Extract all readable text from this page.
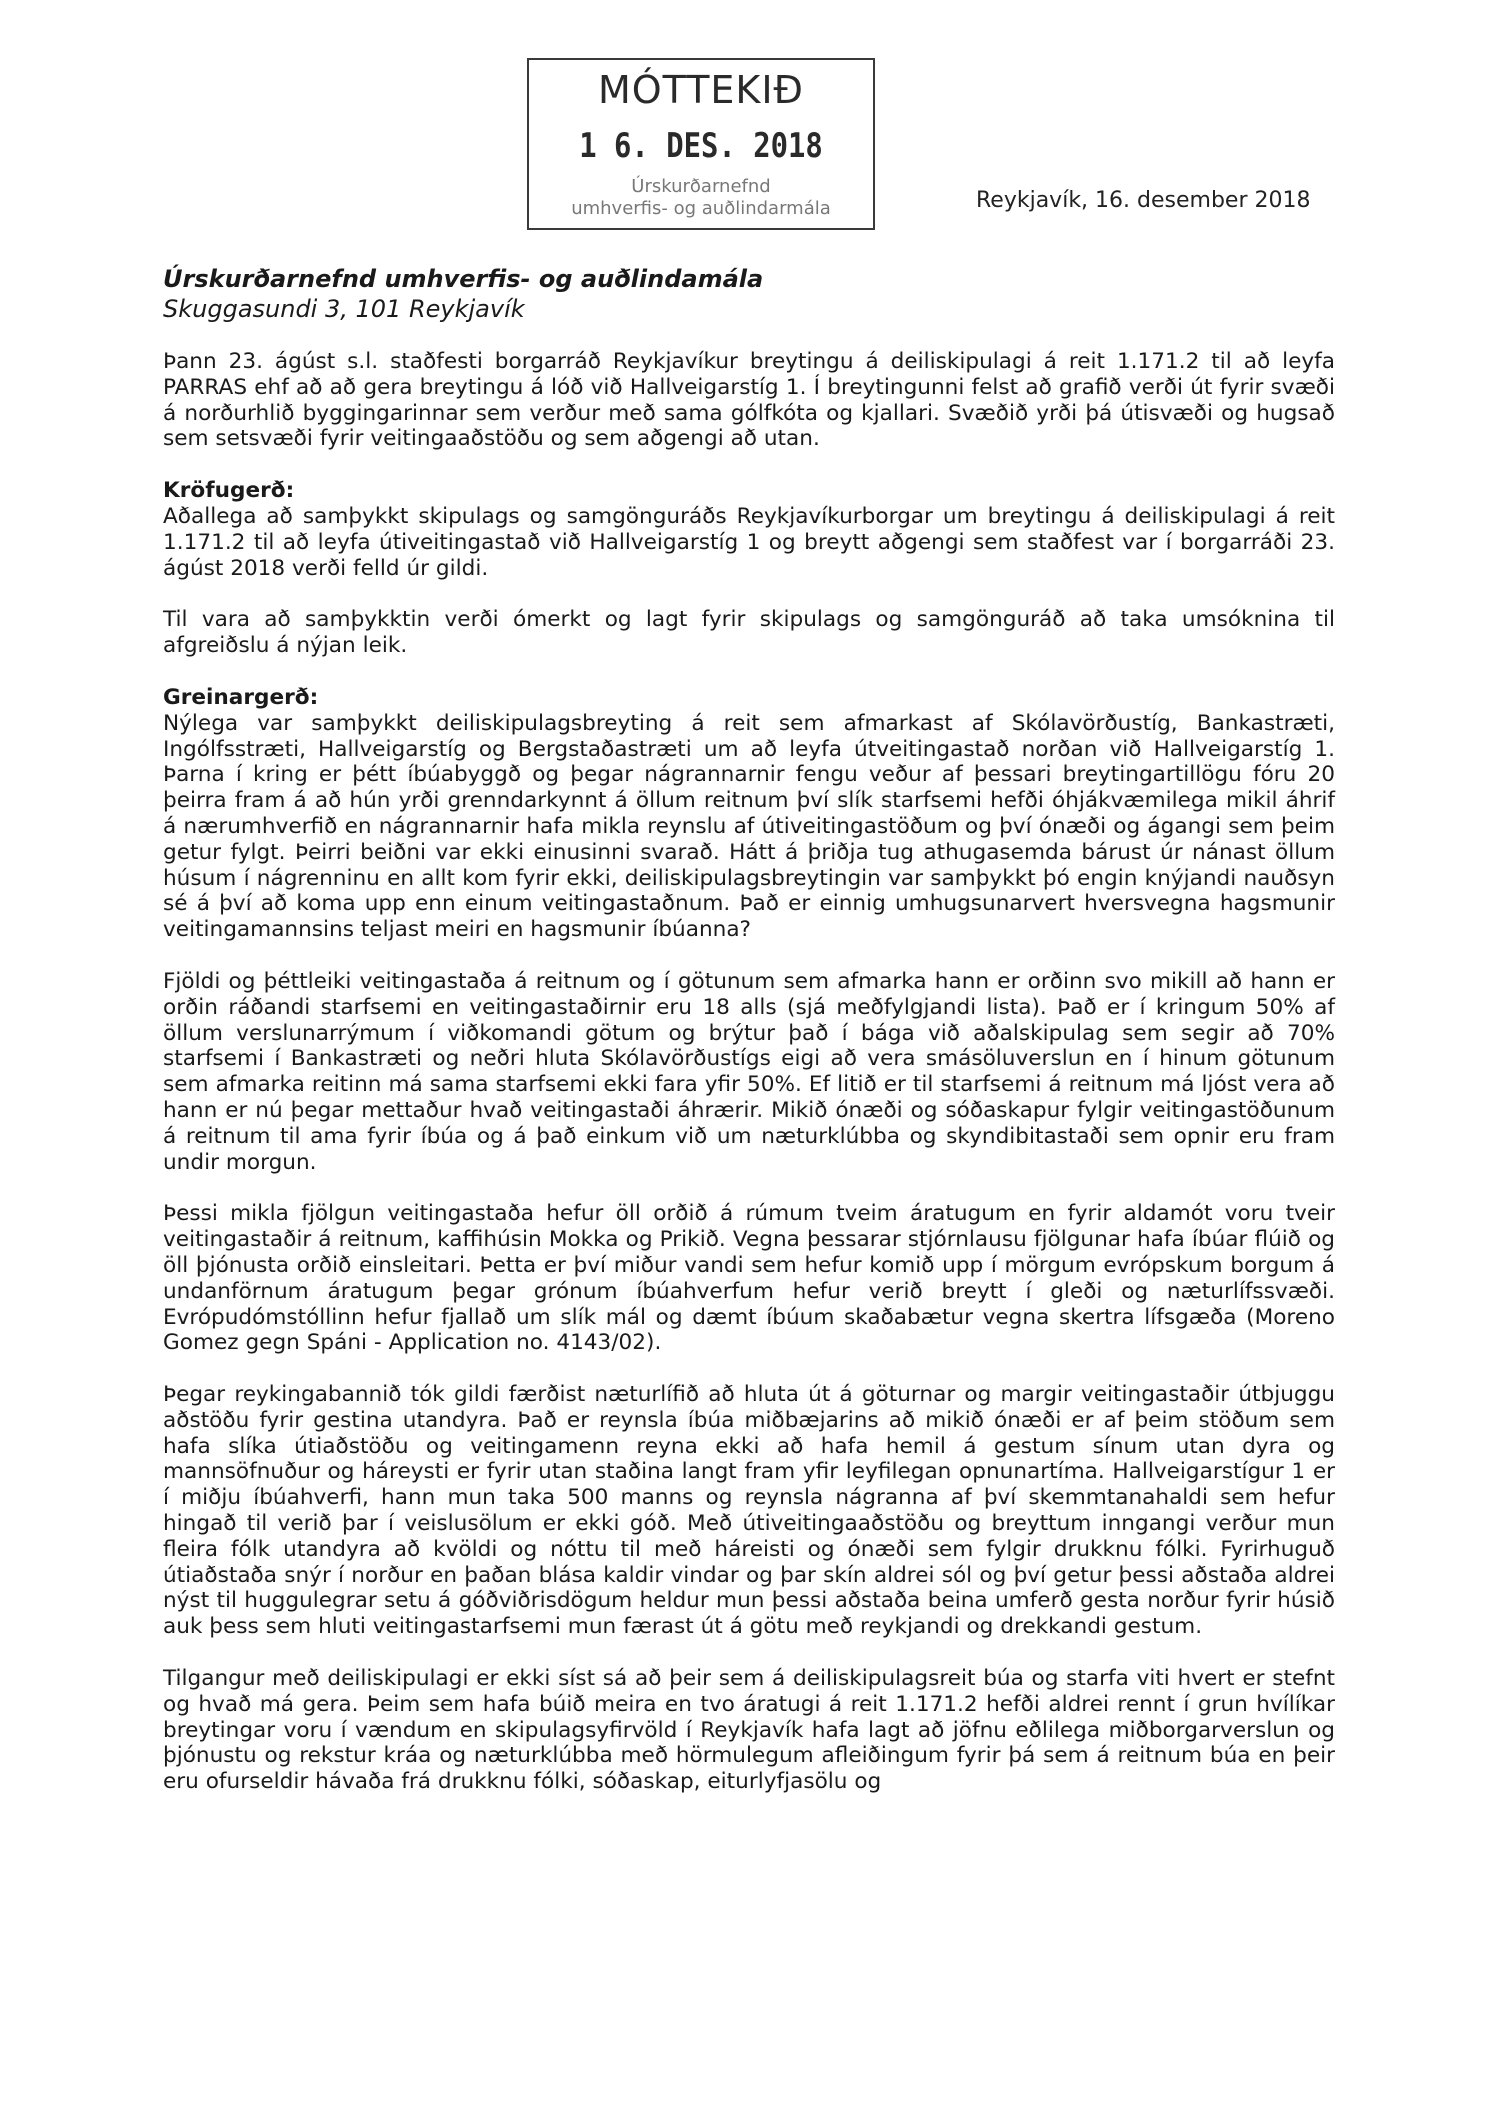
MÓTTEKIÐ
1 6. DES. 2018
Úrskurðarnefnd
umhverfis- og auðlindarmála	Reykjavík, 16. desember 2018
Úrskurðarnefnd umhverfis- og auðlindamála
Skuggasundi 3, 101 Reykjavík

Þann 23. ágúst s.l. staðfesti borgarráð Reykjavíkur breytingu á deiliskipulagi á reit 1.171.2 til að leyfa PARRAS ehf að að gera breytingu á lóð við Hallveigarstíg 1. Í breytingunni felst að grafið verði út fyrir svæði á norðurhlið byggingarinnar sem verður með sama gólfkóta og kjallari. Svæðið yrði þá útisvæði og hugsað sem setsvæði fyrir veitingaaðstöðu og sem aðgengi að utan.

Kröfugerð:

Aðallega að samþykkt skipulags og samgönguráðs Reykjavíkurborgar um breytingu á deiliskipulagi á reit 1.171.2 til að leyfa útiveitingastað við Hallveigarstíg 1 og breytt aðgengi sem staðfest var í borgarráði 23. ágúst 2018 verði felld úr gildi.

Til vara að samþykktin verði ómerkt og lagt fyrir skipulags og samgönguráð að taka umsóknina til afgreiðslu á nýjan leik.

Greinargerð:

Nýlega var samþykkt deiliskipulagsbreyting á reit sem afmarkast af Skólavörðustíg, Bankastræti, Ingólfsstræti, Hallveigarstíg og Bergstaðastræti um að leyfa útveitingastað norðan við Hallveigarstíg 1. Þarna í kring er þétt íbúabyggð og þegar nágrannarnir fengu veður af þessari breytingartillögu fóru 20 þeirra fram á að hún yrði grenndarkynnt á öllum reitnum því slík starfsemi hefði óhjákvæmilega mikil áhrif á nærumhverfið en nágrannarnir hafa mikla reynslu af útiveitingastöðum og því ónæði og ágangi sem þeim getur fylgt. Þeirri beiðni var ekki einusinni svarað. Hátt á þriðja tug athugasemda bárust úr nánast öllum húsum í nágrenninu en allt kom fyrir ekki, deiliskipulagsbreytingin var samþykkt þó engin knýjandi nauðsyn sé á því að koma upp enn einum veitingastaðnum. Það er einnig umhugsunarvert hversvegna hagsmunir veitingamannsins teljast meiri en hagsmunir íbúanna?

Fjöldi og þéttleiki veitingastaða á reitnum og í götunum sem afmarka hann er orðinn svo mikill að hann er orðin ráðandi starfsemi en veitingastaðirnir eru 18 alls (sjá meðfylgjandi lista). Það er í kringum 50% af öllum verslunarrýmum í viðkomandi götum og brýtur það í bága við aðalskipulag sem segir að 70% starfsemi í Bankastræti og neðri hluta Skólavörðustígs eigi að vera smásöluverslun en í hinum götunum sem afmarka reitinn má sama starfsemi ekki fara yfir 50%. Ef litið er til starfsemi á reitnum má ljóst vera að hann er nú þegar mettaður hvað veitingastaði áhrærir. Mikið ónæði og sóðaskapur fylgir veitingastöðunum á reitnum til ama fyrir íbúa og á það einkum við um næturklúbba og skyndibitastaði sem opnir eru fram undir morgun.

Þessi mikla fjölgun veitingastaða hefur öll orðið á rúmum tveim áratugum en fyrir aldamót voru tveir veitingastaðir á reitnum, kaffihúsin Mokka og Prikið. Vegna þessarar stjórnlausu fjölgunar hafa íbúar flúið og öll þjónusta orðið einsleitari. Þetta er því miður vandi sem hefur komið upp í mörgum evrópskum borgum á undanförnum áratugum þegar grónum íbúahverfum hefur verið breytt í gleði og næturlífssvæði. Evrópudómstóllinn hefur fjallað um slík mál og dæmt íbúum skaðabætur vegna skertra lífsgæða (Moreno Gomez gegn Spáni - Application no. 4143/02).

Þegar reykingabannið tók gildi færðist næturlífið að hluta út á göturnar og margir veitingastaðir útbjuggu aðstöðu fyrir gestina utandyra. Það er reynsla íbúa miðbæjarins að mikið ónæði er af þeim stöðum sem hafa slíka útiaðstöðu og veitingamenn reyna ekki að hafa hemil á gestum sínum utan dyra og mannsöfnuður og háreysti er fyrir utan staðina langt fram yfir leyfilegan opnunartíma. Hallveigarstígur 1 er í miðju íbúahverfi, hann mun taka 500 manns og reynsla nágranna af því skemmtanahaldi sem hefur hingað til verið þar í veislusölum er ekki góð. Með útiveitingaaðstöðu og breyttum inngangi verður mun fleira fólk utandyra að kvöldi og nóttu til með háreisti og ónæði sem fylgir drukknu fólki. Fyrirhuguð útiaðstaða snýr í norður en þaðan blása kaldir vindar og þar skín aldrei sól og því getur þessi aðstaða aldrei nýst til huggulegrar setu á góðviðrisdögum heldur mun þessi aðstaða beina umferð gesta norður fyrir húsið auk þess sem hluti veitingastarfsemi mun færast út á götu með reykjandi og drekkandi gestum.

Tilgangur með deiliskipulagi er ekki síst sá að þeir sem á deiliskipulagsreit búa og starfa viti hvert er stefnt og hvað má gera. Þeim sem hafa búið meira en tvo áratugi á reit 1.171.2 hefði aldrei rennt í grun hvílíkar breytingar voru í vændum en skipulagsyfirvöld í Reykjavík hafa lagt að jöfnu eðlilega miðborgarverslun og þjónustu og rekstur kráa og næturklúbba með hörmulegum afleiðingum fyrir þá sem á reitnum búa en þeir eru ofurseldir hávaða frá drukknu fólki, sóðaskap, eiturlyfjasölu og
